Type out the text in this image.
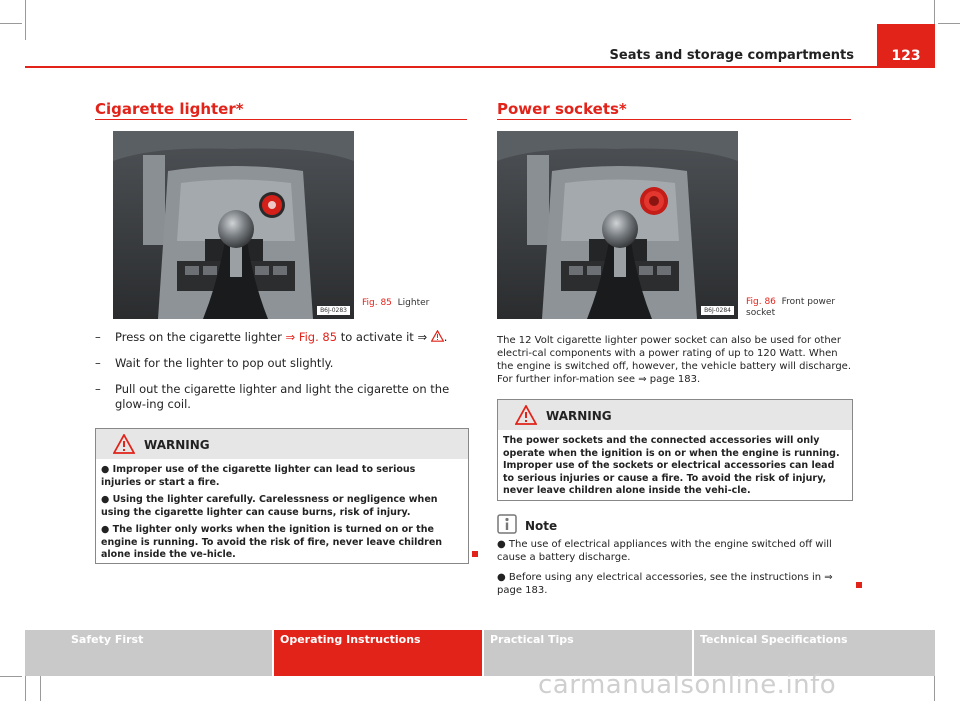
123
Seats and storage compartments
Cigarette lighter*
B6J-0283
Fig. 85 Lighter
– Press on the cigarette lighter ⇒ Fig. 85 to activate it ⇒ .
– Wait for the lighter to pop out slightly.
– Pull out the cigarette lighter and light the cigarette on the glow-ing coil.
WARNING

● Improper use of the cigarette lighter can lead to serious injuries or start a fire.

● Using the lighter carefully. Carelessness or negligence when using the cigarette lighter can cause burns, risk of injury.

● The lighter only works when the ignition is turned on or the engine is running. To avoid the risk of fire, never leave children alone inside the ve-hicle.

Power sockets*
B6J-0284
Fig. 86 Front power socket
The 12 Volt cigarette lighter power socket can also be used for other electri-cal components with a power rating of up to 120 Watt. When the engine is switched off, however, the vehicle battery will discharge. For further infor-mation see ⇒ page 183.
WARNING

The power sockets and the connected accessories will only operate when the ignition is on or when the engine is running. Improper use of the sockets or electrical accessories can lead to serious injuries or cause a fire. To avoid the risk of injury, never leave children alone inside the vehi-cle.

Note
● The use of electrical appliances with the engine switched off will cause a battery discharge.
● Before using any electrical accessories, see the instructions in ⇒ page 183.
Safety First	Operating Instructions	Practical Tips	Technical Specifications
carmanualsonline.info
